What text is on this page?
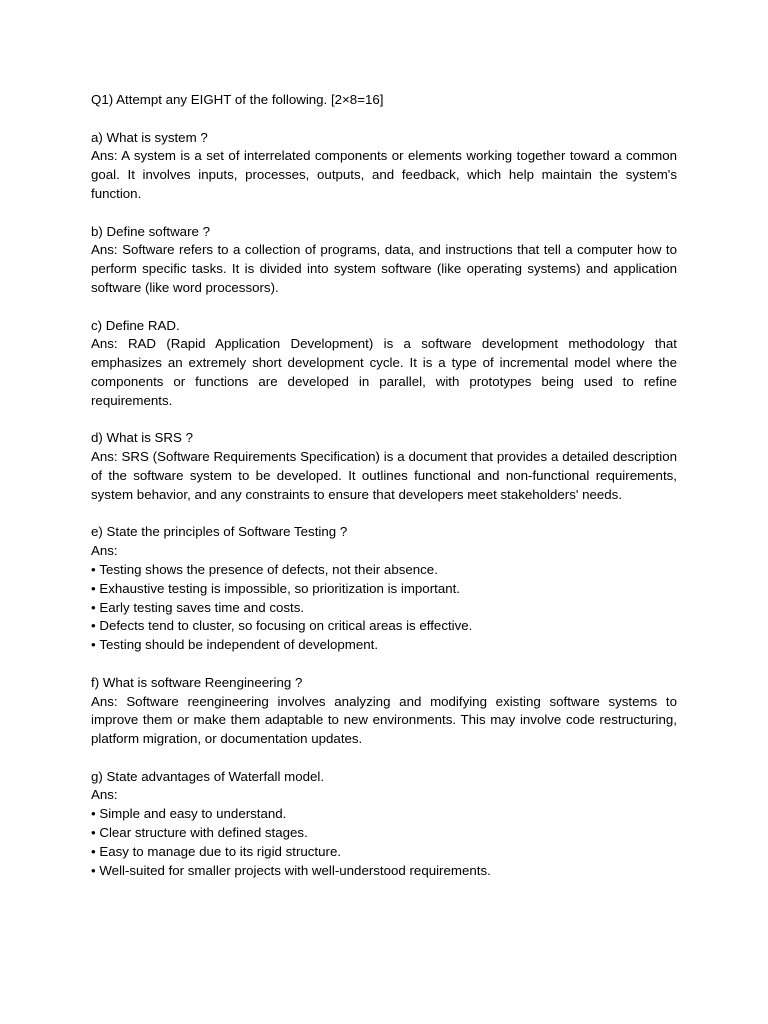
Q1) Attempt any EIGHT of the following. [2×8=16]
a) What is system ?
Ans: A system is a set of interrelated components or elements working together toward a common goal. It involves inputs, processes, outputs, and feedback, which help maintain the system's function.
b) Define software ?
Ans: Software refers to a collection of programs, data, and instructions that tell a computer how to perform specific tasks. It is divided into system software (like operating systems) and application software (like word processors).
c) Define RAD.
Ans: RAD (Rapid Application Development) is a software development methodology that emphasizes an extremely short development cycle. It is a type of incremental model where the components or functions are developed in parallel, with prototypes being used to refine requirements.
d) What is SRS ?
Ans: SRS (Software Requirements Specification) is a document that provides a detailed description of the software system to be developed. It outlines functional and non-functional requirements, system behavior, and any constraints to ensure that developers meet stakeholders' needs.
e) State the principles of Software Testing ?
Ans:
• Testing shows the presence of defects, not their absence.
• Exhaustive testing is impossible, so prioritization is important.
• Early testing saves time and costs.
• Defects tend to cluster, so focusing on critical areas is effective.
• Testing should be independent of development.
f) What is software Reengineering ?
Ans: Software reengineering involves analyzing and modifying existing software systems to improve them or make them adaptable to new environments. This may involve code restructuring, platform migration, or documentation updates.
g) State advantages of Waterfall model.
Ans:
• Simple and easy to understand.
• Clear structure with defined stages.
• Easy to manage due to its rigid structure.
• Well-suited for smaller projects with well-understood requirements.
